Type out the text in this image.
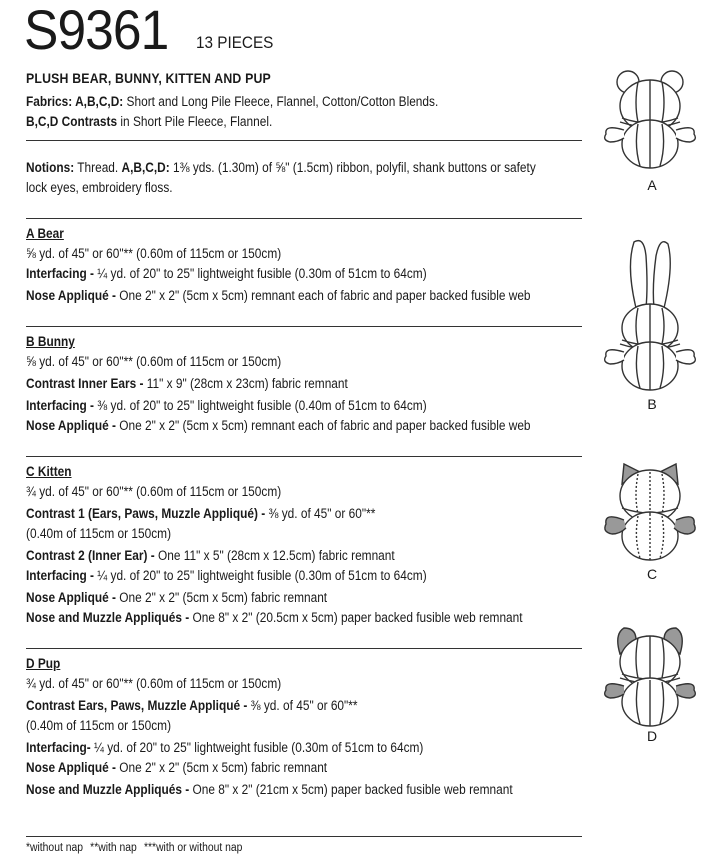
S9361 13 PIECES
PLUSH BEAR, BUNNY, KITTEN AND PUP
Fabrics: A,B,C,D: Short and Long Pile Fleece, Flannel, Cotton/Cotton Blends.
B,C,D Contrasts in Short Pile Fleece, Flannel.
Notions: Thread. A,B,C,D: 1⅜ yds. (1.30m) of ⅝" (1.5cm) ribbon, polyfil, shank buttons or safety
lock eyes, embroidery floss.
A Bear
⅝ yd. of 45" or 60"** (0.60m of 115cm or 150cm)
Interfacing - ¼ yd. of 20" to 25" lightweight fusible (0.30m of 51cm to 64cm)
Nose Appliqué - One 2" x 2" (5cm x 5cm) remnant each of fabric and paper backed fusible web
B Bunny
⅝ yd. of 45" or 60"** (0.60m of 115cm or 150cm)
Contrast Inner Ears - 11" x 9" (28cm x 23cm) fabric remnant
Interfacing - ⅜ yd. of 20" to 25" lightweight fusible (0.40m of 51cm to 64cm)
Nose Appliqué - One 2" x 2" (5cm x 5cm) remnant each of fabric and paper backed fusible web
C Kitten
¾ yd. of 45" or 60"** (0.60m of 115cm or 150cm)
Contrast 1 (Ears, Paws, Muzzle Appliqué) - ⅜ yd. of 45" or 60"**
(0.40m of 115cm or 150cm)
Contrast 2 (Inner Ear) - One 11" x 5" (28cm x 12.5cm) fabric remnant
Interfacing - ¼ yd. of 20" to 25" lightweight fusible (0.30m of 51cm to 64cm)
Nose Appliqué - One 2" x 2" (5cm x 5cm) fabric remnant
Nose and Muzzle Appliqués - One 8" x 2" (20.5cm x 5cm) paper backed fusible web remnant
D Pup
¾ yd. of 45" or 60"** (0.60m of 115cm or 150cm)
Contrast Ears, Paws, Muzzle Appliqué - ⅜ yd. of 45" or 60"**
(0.40m of 115cm or 150cm)
Interfacing- ¼ yd. of 20" to 25" lightweight fusible (0.30m of 51cm to 64cm)
Nose Appliqué - One 2" x 2" (5cm x 5cm) fabric remnant
Nose and Muzzle Appliqués - One 8" x 2" (21cm x 5cm) paper backed fusible web remnant
*without nap **with nap ***with or without nap
A
B
C
D
